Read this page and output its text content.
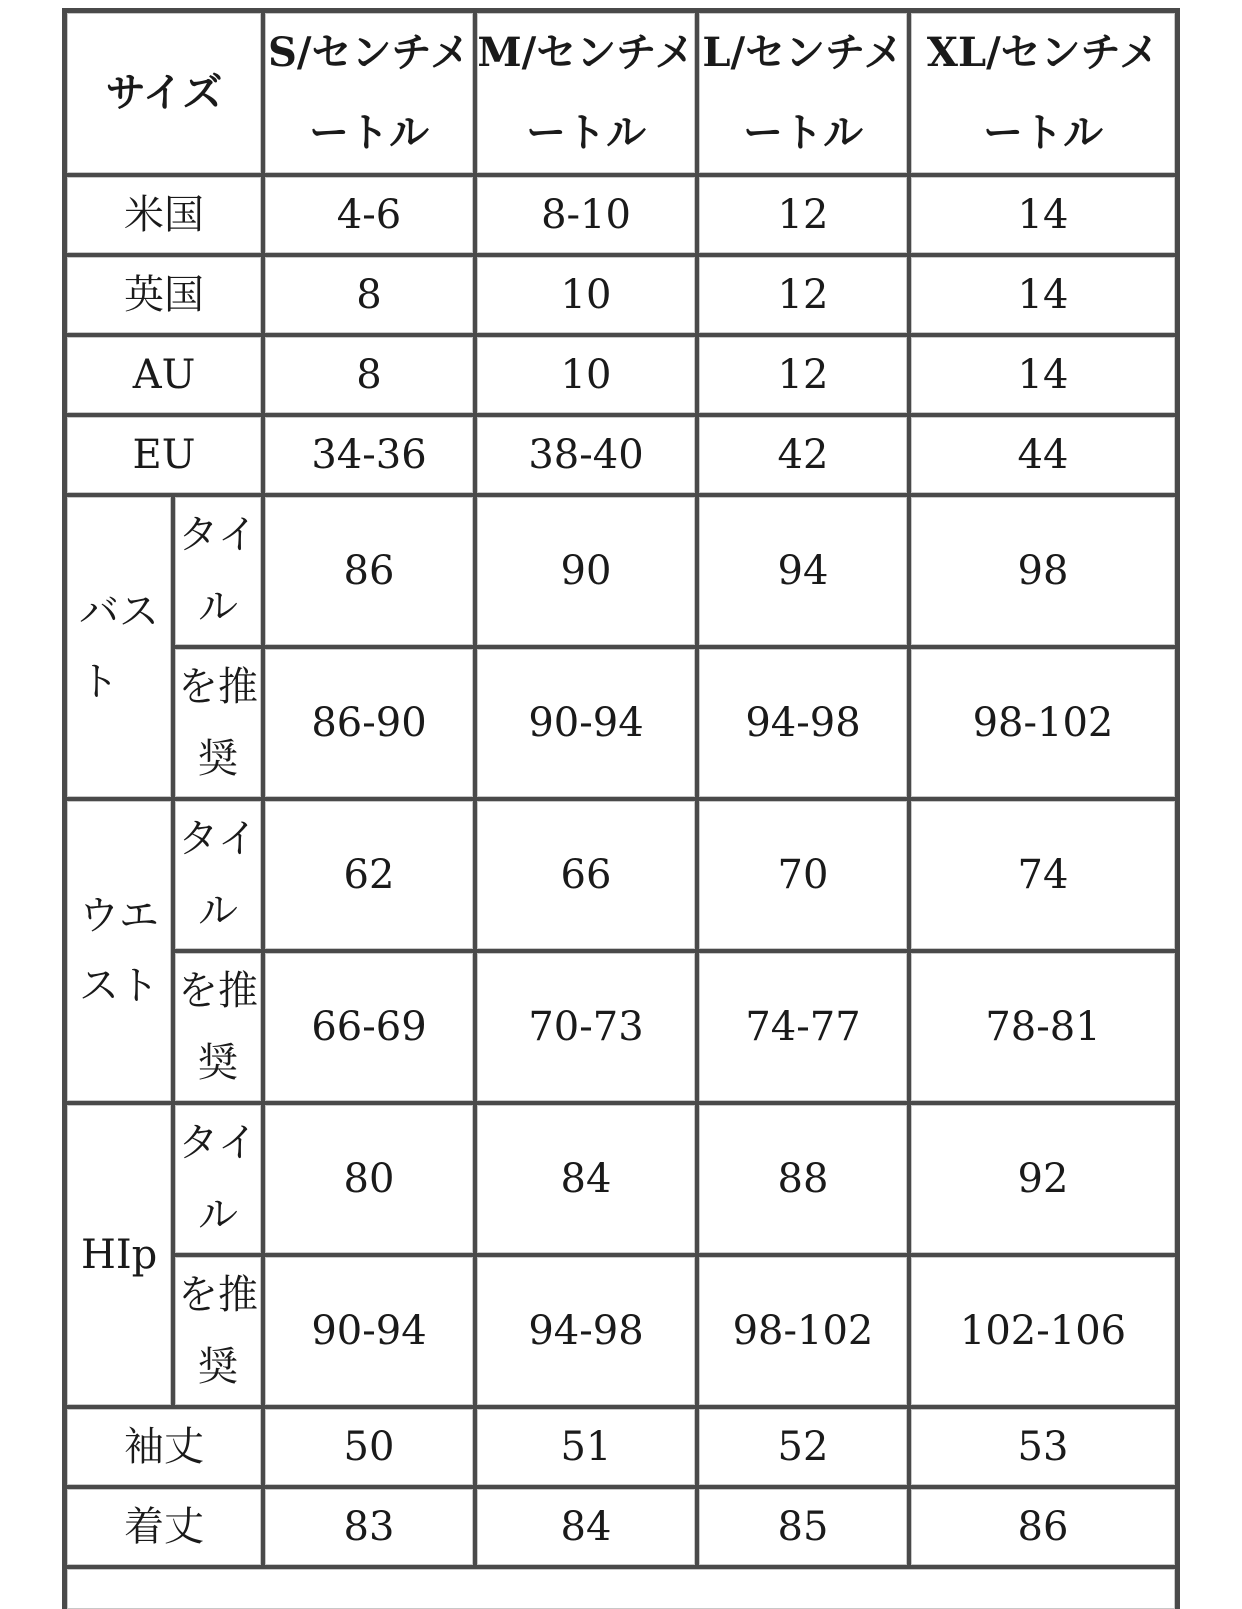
サイズ		S/センチメートル	M/センチメートル	L/センチメートル	XL/センチメートル
米国		4-6	8-10	12	14
英国		8	10	12	14
AU		8	10	12	14
EU		34-36	38-40	42	44
バスト	タイル	86	90	94	98
	を推奨	86-90	90-94	94-98	98-102
ウエスト	タイル	62	66	70	74
	を推奨	66-69	70-73	74-77	78-81
HIp	タイル	80	84	88	92
	を推奨	90-94	94-98	98-102	102-106
袖丈		50	51	52	53
着丈		83	84	85	86
